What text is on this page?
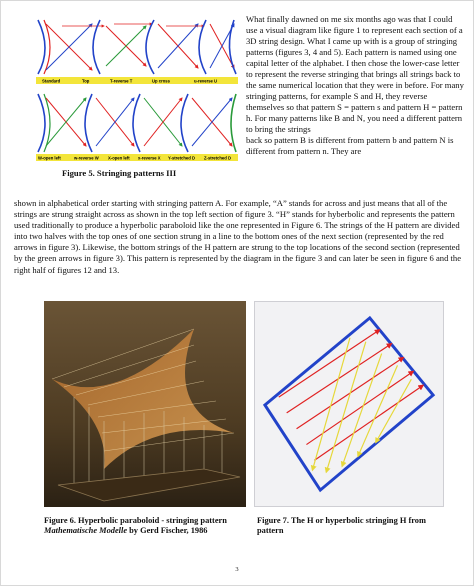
Standard	Top	T-reverse T	Up cross	u-reverse U
W-open left	w-reverse W X-open left x-reverse X Y-stretched D Z-stretched D

What finally dawned on me six months ago was that I could use a visual diagram like figure 1 to represent each section of a 3D string design. What I came up with is a group of stringing patterns (figures 3, 4 and 5). Each pattern is named using one capital letter of the alphabet. I then chose the lower-case letter to represent the reverse stringing that brings all strings back to the same numerical location that they were in before. For many stringing patterns, for example S and H, they reverse themselves so that pattern S = pattern s and pattern H = pattern h. For many patterns like B and N, you need a different pattern to bring the strings

back so pattern B is different from pattern b and pattern N is different from pattern n. They are

Figure 5. Stringing patterns III

shown in alphabetical order starting with stringing pattern A. For example, “A” stands for across and just means that all of the strings are strung straight across as shown in the top left section of figure 3. “H” stands for hyberbolic and represents the pattern used traditionally to produce a hyperbolic paraboloid like the one represented in Figure 6. The strings of the H pattern are divided into two halves with the top ones of one section strung in a line to the bottom ones of the next section (represented by the red arrows in figure 3). Likewise, the bottom strings of the H pattern are strung to the top locations of the second section (represented by the green arrows in figure 3). This pattern is represented by the diagram in the figure 3 and can later be seen in figure 6 and the right half of figures 12 and 13.

Figure 6. Hyperbolic paraboloid - stringing pattern
Mathematische Modelle by Gerd Fischer, 1986
Figure 7. The H or hyperbolic stringing H from pattern
3
